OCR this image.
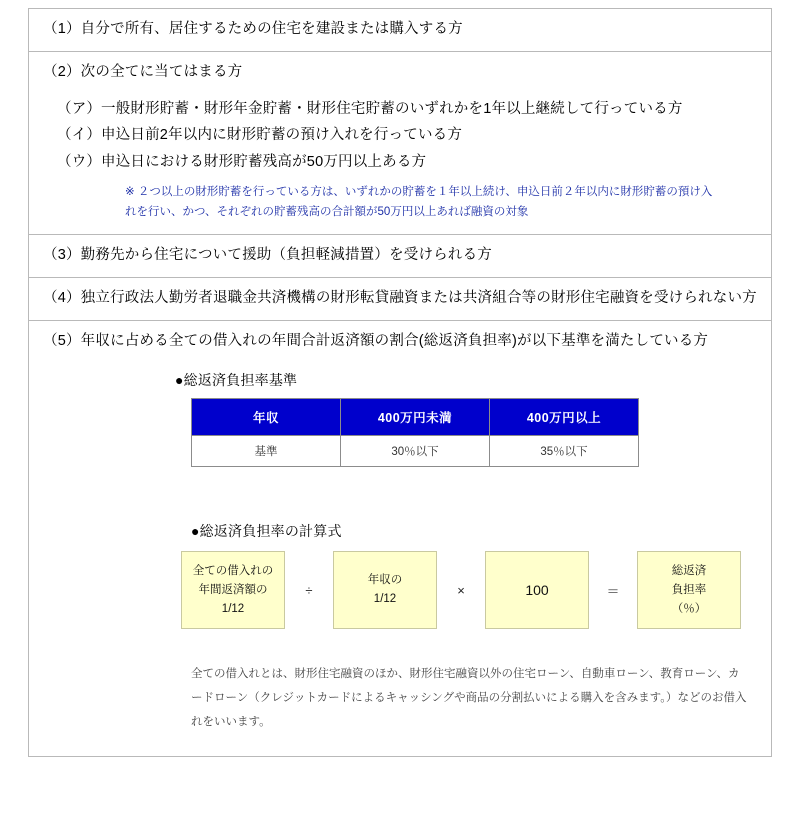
（1）自分で所有、居住するための住宅を建設または購入する方
（2）次の全てに当てはまる方
（ア）一般財形貯蓄・財形年金貯蓄・財形住宅貯蓄のいずれかを1年以上継続して行っている方
（イ）申込日前2年以内に財形貯蓄の預け入れを行っている方
（ウ）申込日における財形貯蓄残高が50万円以上ある方
※ ２つ以上の財形貯蓄を行っている方は、いずれかの貯蓄を１年以上続け、申込日前２年以内に財形貯蓄の預け入れを行い、かつ、それぞれの貯蓄残高の合計額が50万円以上あれば融資の対象
（3）勤務先から住宅について援助（負担軽減措置）を受けられる方
（4）独立行政法人勤労者退職金共済機構の財形転貸融資または共済組合等の財形住宅融資を受けられない方
（5）年収に占める全ての借入れの年間合計返済額の割合(総返済負担率)が以下基準を満たしている方
●総返済負担率基準
年収	400万円未満	400万円以上
基準	30％以下	35％以下
●総返済負担率の計算式
全ての借入れの
年間返済額の
1/12
÷
年収の
1/12
×	100	＝
総返済
負担率
（％）
全ての借入れとは、財形住宅融資のほか、財形住宅融資以外の住宅ローン、自動車ローン、教育ローン、カードローン（クレジットカードによるキャッシングや商品の分割払いによる購入を含みます。）などのお借入れをいいます。
